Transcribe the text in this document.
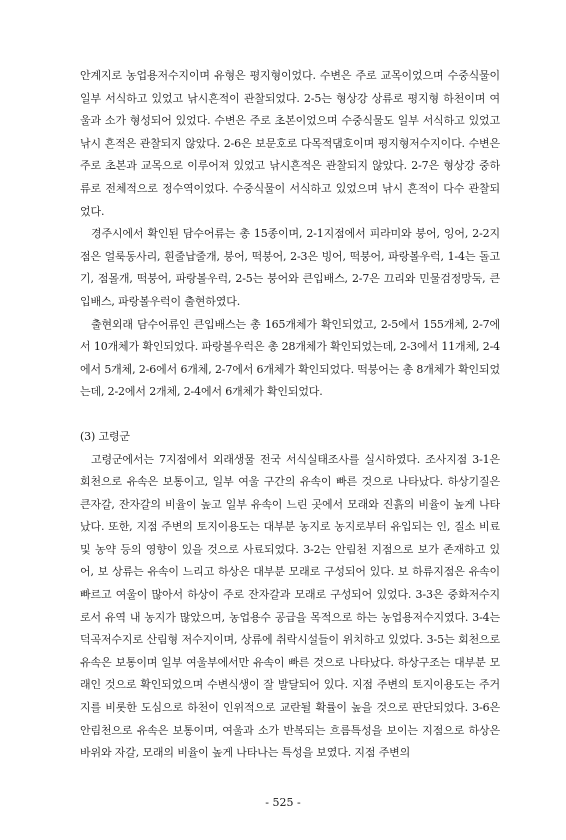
안계지로 농업용저수지이며 유형은 평지형이었다. 수변은 주로 교목이었으며 수중식물이 일부 서식하고 있었고 낚시흔적이 관찰되었다. 2-5는 형상강 상류로 평지형 하천이며 여울과 소가 형성되어 있었다. 수변은 주로 초본이었으며 수중식물도 일부 서식하고 있었고 낚시 흔적은 관찰되지 않았다. 2-6은 보문호로 다목적댐호이며 평지형저수지이다. 수변은 주로 초본과 교목으로 이루어져 있었고 낚시흔적은 관찰되지 않았다. 2-7은 형상강 중하류로 전체적으로 정수역이었다. 수중식물이 서식하고 있었으며 낚시 흔적이 다수 관찰되었다.

경주시에서 확인된 담수어류는 총 15종이며, 2-1지점에서 피라미와 붕어, 잉어, 2-2지점은 얼룩동사리, 흰줄납줄개, 붕어, 떡붕어, 2-3은 빙어, 떡붕어, 파랑볼우럭, 1-4는 돌고기, 점몰개, 떡붕어, 파랑볼우럭, 2-5는 붕어와 큰입배스, 2-7은 끄리와 민물검정망둑, 큰입배스, 파랑볼우럭이 출현하였다.

출현외래 담수어류인 큰입배스는 총 165개체가 확인되었고, 2-5에서 155개체, 2-7에서 10개체가 확인되었다. 파랑볼우럭은 총 28개체가 확인되었는데, 2-3에서 11개체, 2-4에서 5개체, 2-6에서 6개체, 2-7에서 6개체가 확인되었다. 떡붕어는 총 8개체가 확인되었는데, 2-2에서 2개체, 2-4에서 6개체가 확인되었다.

(3) 고령군

고령군에서는 7지점에서 외래생물 전국 서식실태조사를 실시하였다. 조사지점 3-1은 회천으로 유속은 보통이고, 일부 여울 구간의 유속이 빠른 것으로 나타났다. 하상기질은 큰자갈, 잔자갈의 비율이 높고 일부 유속이 느린 곳에서 모래와 진흙의 비율이 높게 나타났다. 또한, 지점 주변의 토지이용도는 대부분 농지로 농지로부터 유입되는 인, 질소 비료 및 농약 등의 영향이 있을 것으로 사료되었다. 3-2는 안림천 지점으로 보가 존재하고 있어, 보 상류는 유속이 느리고 하상은 대부분 모래로 구성되어 있다. 보 하류지점은 유속이 빠르고 여울이 많아서 하상이 주로 잔자갈과 모래로 구성되어 있었다. 3-3은 중화저수지로서 유역 내 농지가 많았으며, 농업용수 공급을 목적으로 하는 농업용저수지였다. 3-4는 덕곡저수지로 산림형 저수지이며, 상류에 취락시설들이 위치하고 있었다. 3-5는 회천으로 유속은 보통이며 일부 여울부에서만 유속이 빠른 것으로 나타났다. 하상구조는 대부분 모래인 것으로 확인되었으며 수변식생이 잘 발달되어 있다. 지점 주변의 토지이용도는 주거지를 비롯한 도심으로 하천이 인위적으로 교란될 확률이 높을 것으로 판단되었다. 3-6은 안림천으로 유속은 보통이며, 여울과 소가 반복되는 흐름특성을 보이는 지점으로 하상은 바위와 자갈, 모래의 비율이 높게 나타나는 특성을 보였다. 지점 주변의

- 525 -
